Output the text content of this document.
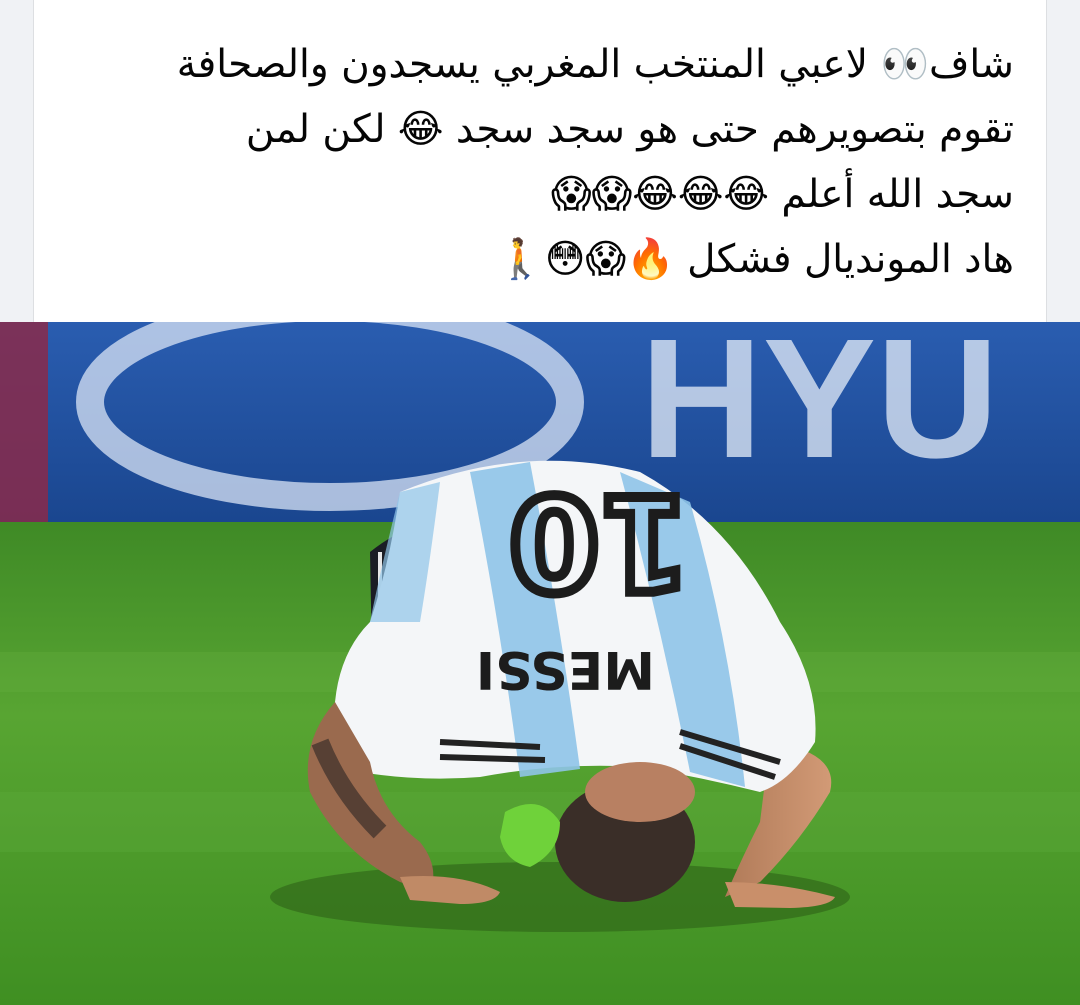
شاف👀 لاعبي المنتخب المغربي يسجدون والصحافة
تقوم بتصويرهم حتى هو سجد سجد 😂 لكن لمن
سجد الله أعلم 😂😂😂😱😱
هاد الموندیال فشكل 🔥😱😳🚶
HYU
10
MESSI
